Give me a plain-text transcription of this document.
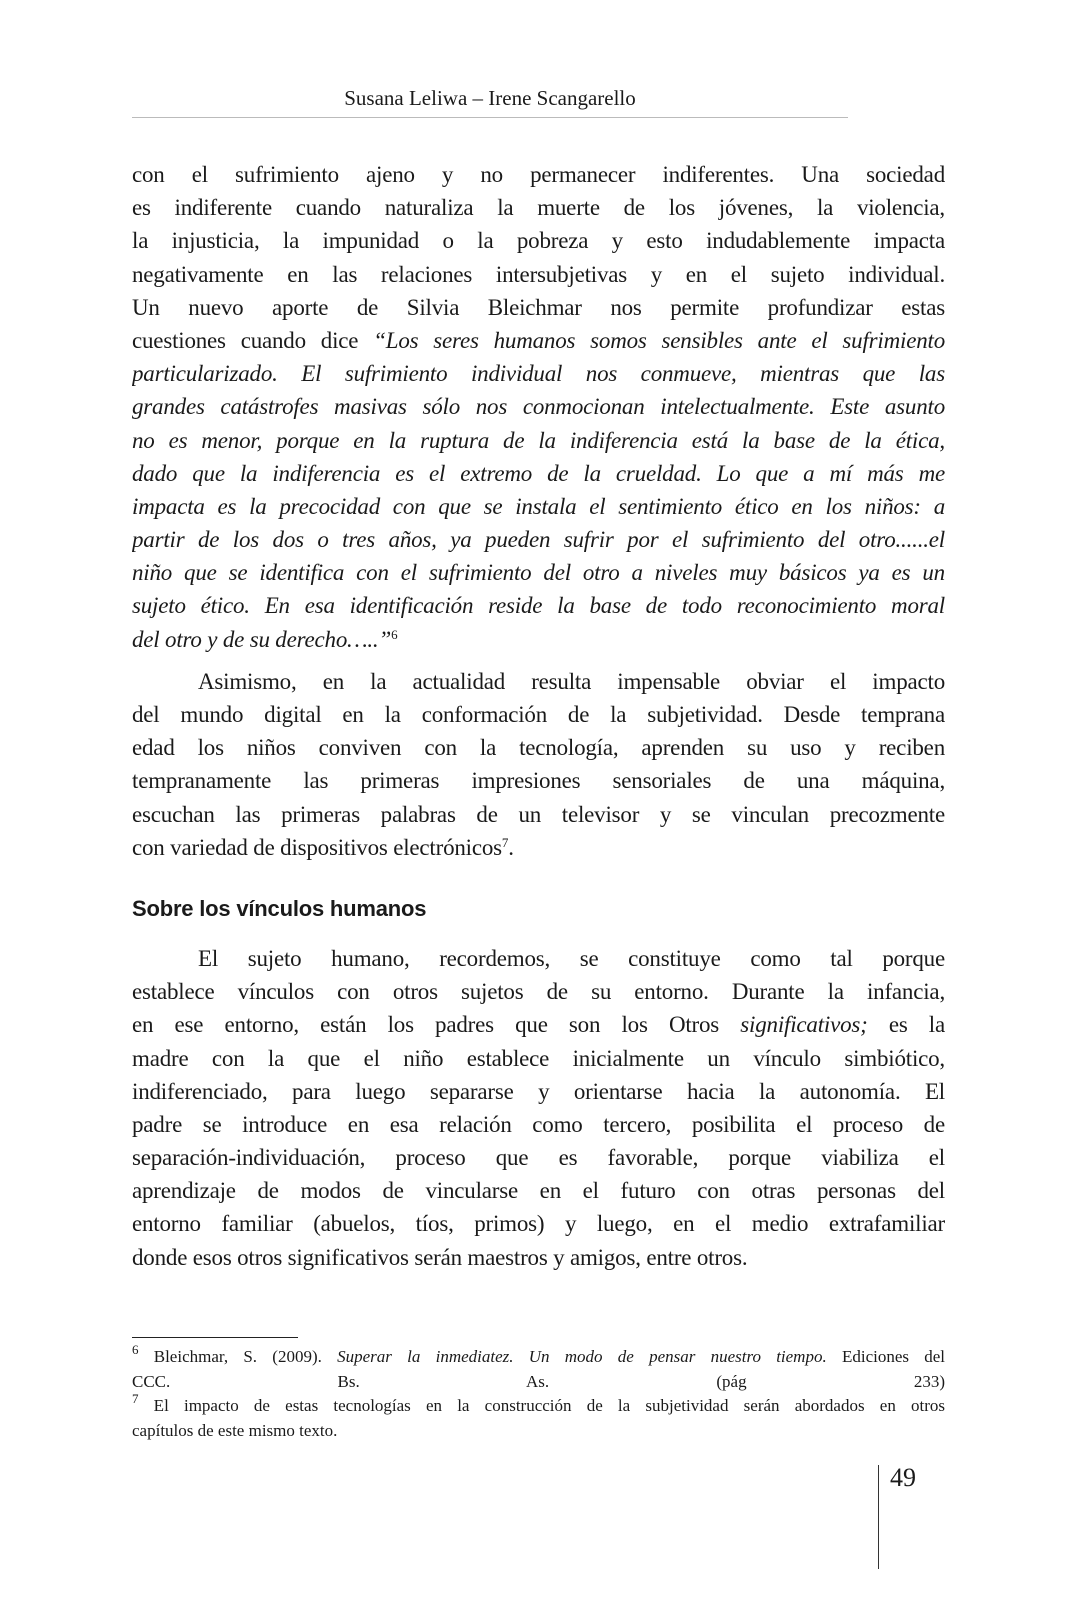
Susana Leliwa – Irene Scangarello
con el sufrimiento ajeno y no permanecer indiferentes. Una sociedad
es indiferente cuando naturaliza la muerte de los jóvenes, la violencia,
la injusticia, la impunidad o la pobreza y esto indudablemente impacta
negativamente en las relaciones intersubjetivas y en el sujeto individual.
Un nuevo aporte de Silvia Bleichmar nos permite profundizar estas
cuestiones cuando dice “Los seres humanos somos sensibles ante el sufrimiento
particularizado. El sufrimiento individual nos conmueve, mientras que las
grandes catástrofes masivas sólo nos conmocionan intelectualmente. Este asunto
no es menor, porque en la ruptura de la indiferencia está la base de la ética,
dado que la indiferencia es el extremo de la crueldad. Lo que a mí más me
impacta es la precocidad con que se instala el sentimiento ético en los niños: a
partir de los dos o tres años, ya pueden sufrir por el sufrimiento del otro......el
niño que se identifica con el sufrimiento del otro a niveles muy básicos ya es un
sujeto ético. En esa identificación reside la base de todo reconocimiento moral
del otro y de su derecho…..”$^6$
Asimismo, en la actualidad resulta impensable obviar el impacto
del mundo digital en la conformación de la subjetividad. Desde temprana
edad los niños conviven con la tecnología, aprenden su uso y reciben
tempranamente las primeras impresiones sensoriales de una máquina,
escuchan las primeras palabras de un televisor y se vinculan precozmente
con variedad de dispositivos electrónicos$^7$.
Sobre los vínculos humanos
El sujeto humano, recordemos, se constituye como tal porque
establece vínculos con otros sujetos de su entorno. Durante la infancia,
en ese entorno, están los padres que son los Otros significativos; es la
madre con la que el niño establece inicialmente un vínculo simbiótico,
indiferenciado, para luego separarse y orientarse hacia la autonomía. El
padre se introduce en esa relación como tercero, posibilita el proceso de
separación-individuación, proceso que es favorable, porque viabiliza el
aprendizaje de modos de vincularse en el futuro con otras personas del
entorno familiar (abuelos, tíos, primos) y luego, en el medio extrafamiliar
donde esos otros significativos serán maestros y amigos, entre otros.
$^6$ Bleichmar, S. (2009). Superar la inmediatez. Un modo de pensar nuestro tiempo. Ediciones del
CCC. Bs. As. (pág 233)
$^7$ El impacto de estas tecnologías en la construcción de la subjetividad serán abordados en otros
capítulos de este mismo texto.
49
